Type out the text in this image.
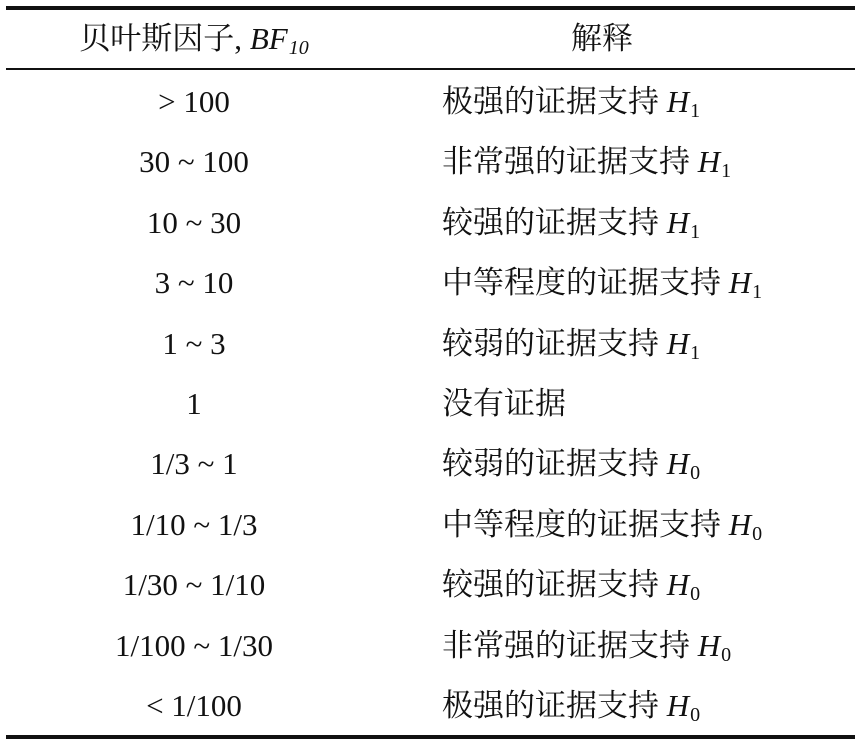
贝叶斯因子, BF10	解释
> 100	极强的证据支持 H1
30 ~ 100	非常强的证据支持 H1
10 ~ 30	较强的证据支持 H1
3 ~ 10	中等程度的证据支持 H1
1 ~ 3	较弱的证据支持 H1
1	没有证据
1/3 ~ 1	较弱的证据支持 H0
1/10 ~ 1/3	中等程度的证据支持 H0
1/30 ~ 1/10	较强的证据支持 H0
1/100 ~ 1/30	非常强的证据支持 H0
< 1/100	极强的证据支持 H0
